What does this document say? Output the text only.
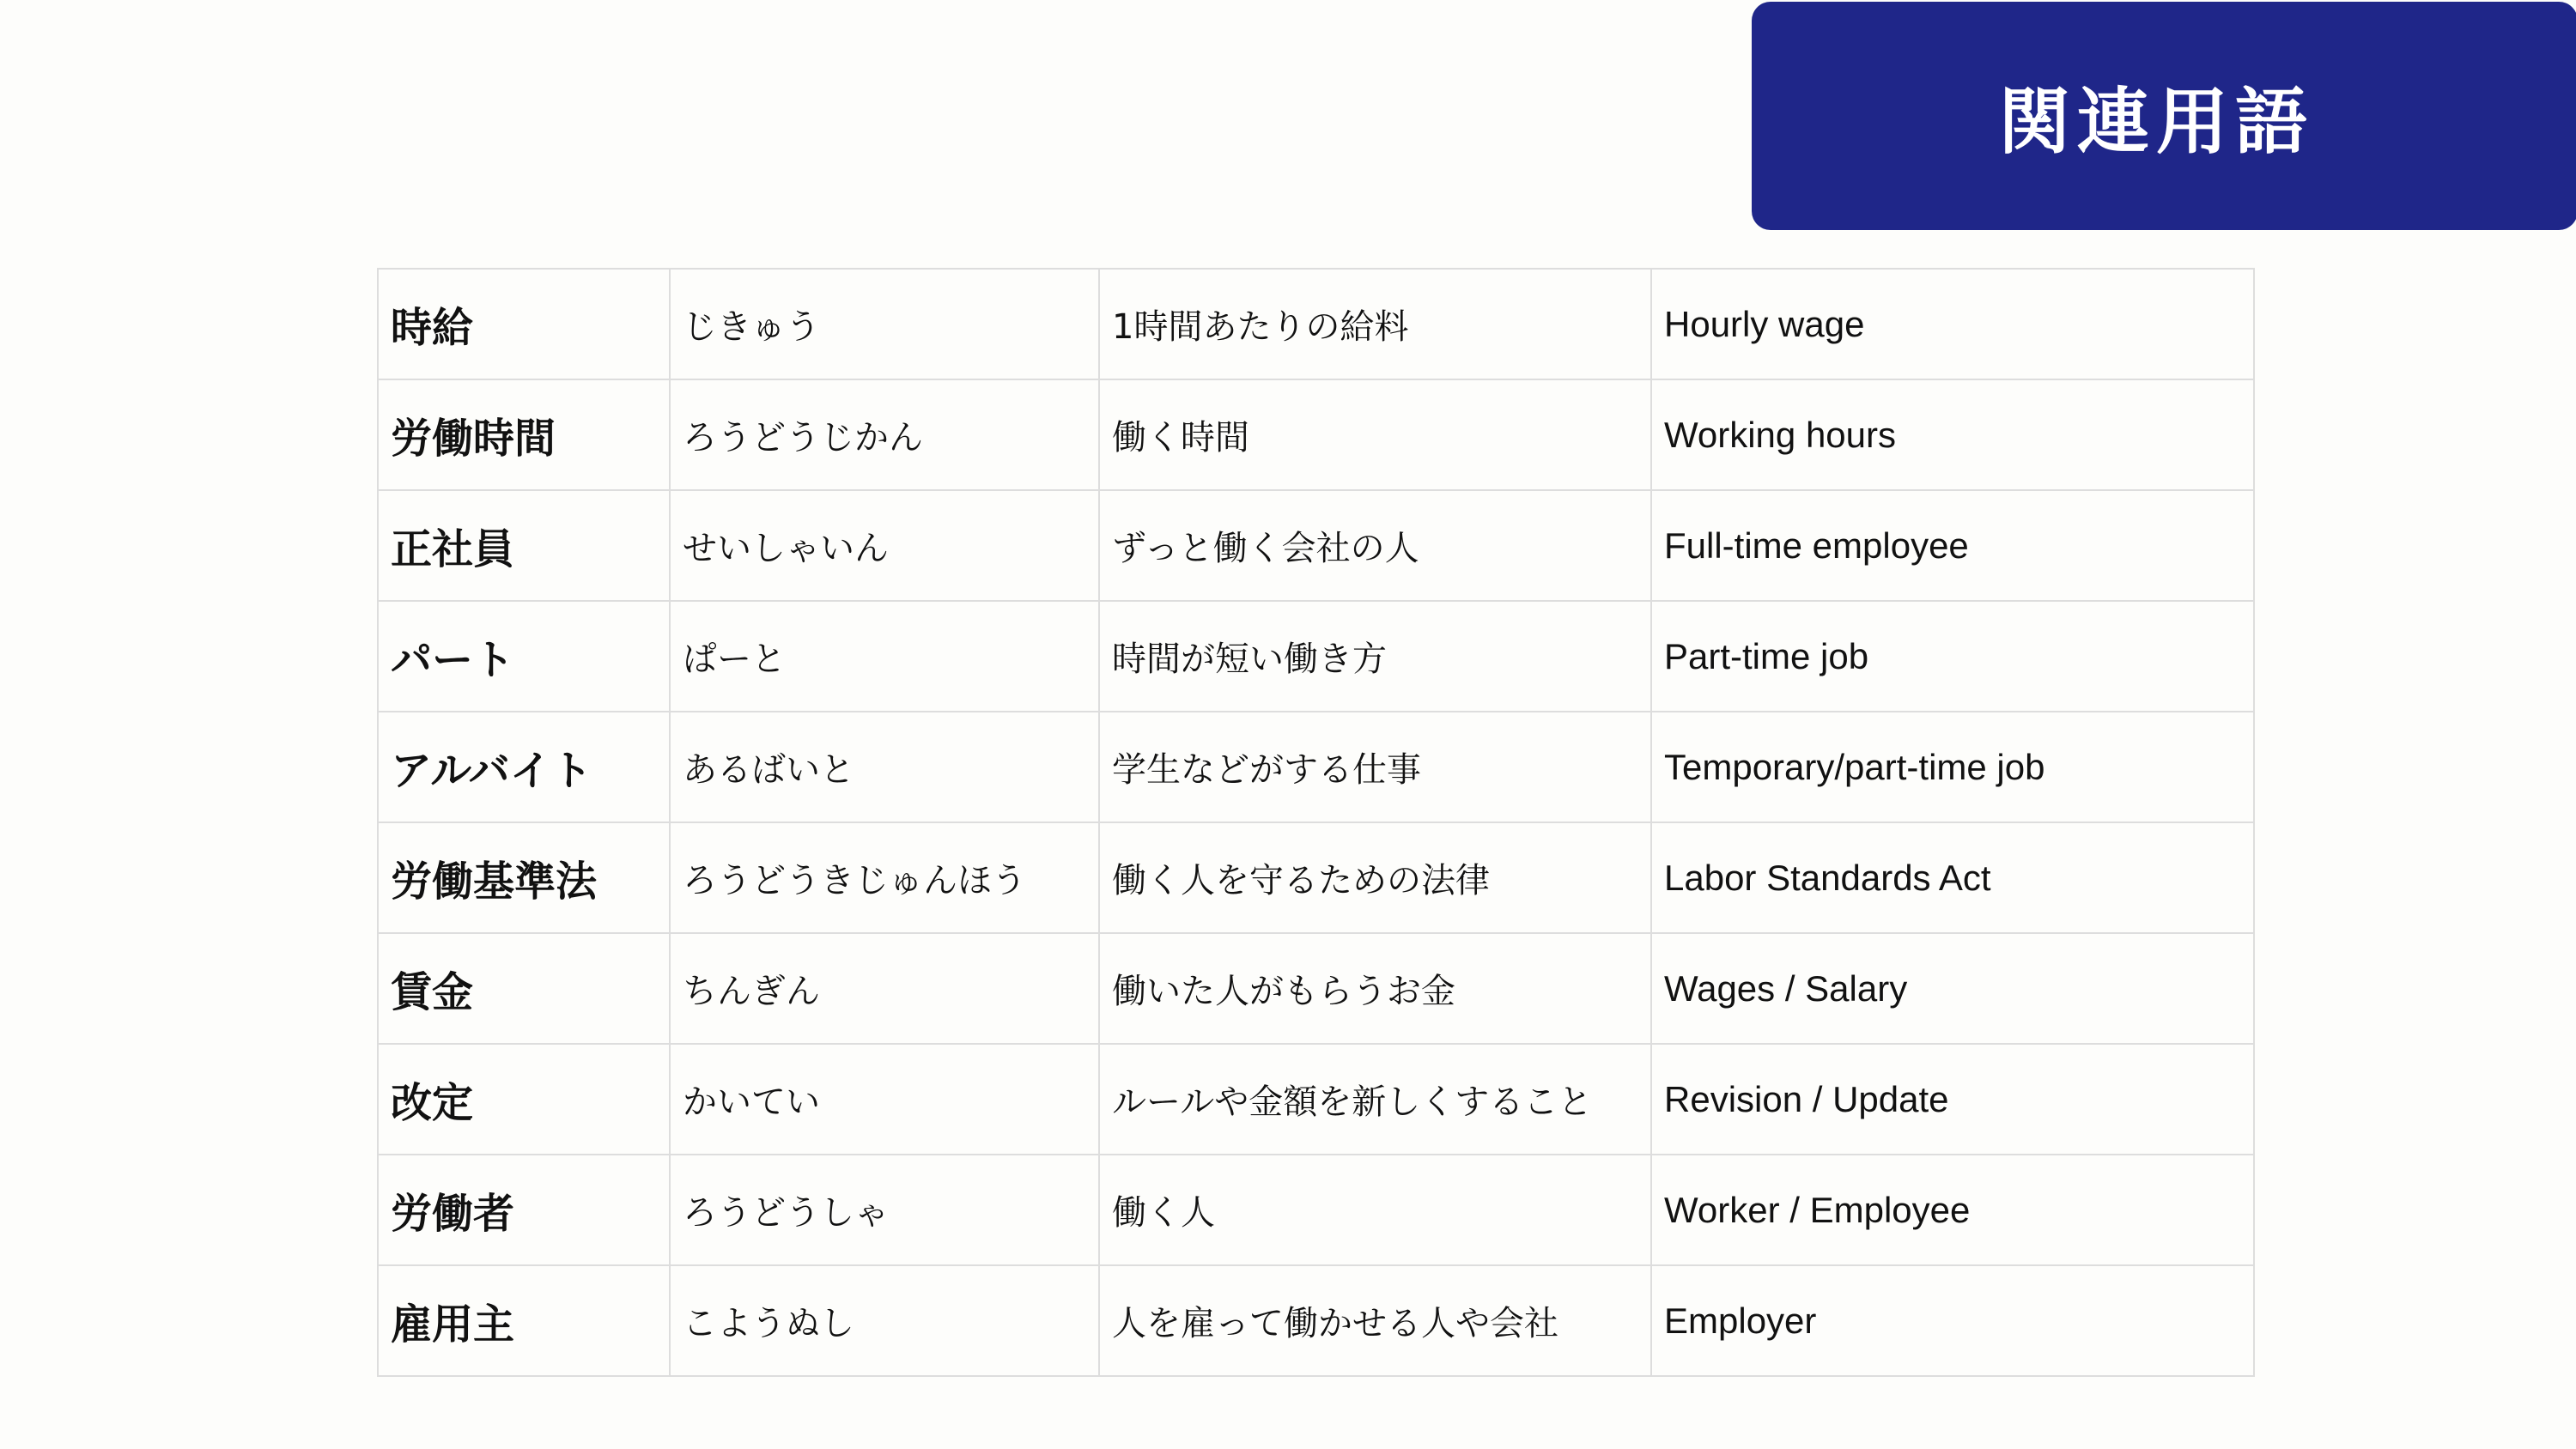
関連用語
時給	じきゅう	1時間あたりの給料	Hourly wage
労働時間	ろうどうじかん	働く時間	Working hours
正社員	せいしゃいん	ずっと働く会社の人	Full-time employee
パート	ぱーと	時間が短い働き方	Part-time job
アルバイト	あるばいと	学生などがする仕事	Temporary/part-time job
労働基準法	ろうどうきじゅんほう	働く人を守るための法律	Labor Standards Act
賃金	ちんぎん	働いた人がもらうお金	Wages / Salary
改定	かいてい	ルールや金額を新しくすること	Revision / Update
労働者	ろうどうしゃ	働く人	Worker / Employee
雇用主	こようぬし	人を雇って働かせる人や会社	Employer
